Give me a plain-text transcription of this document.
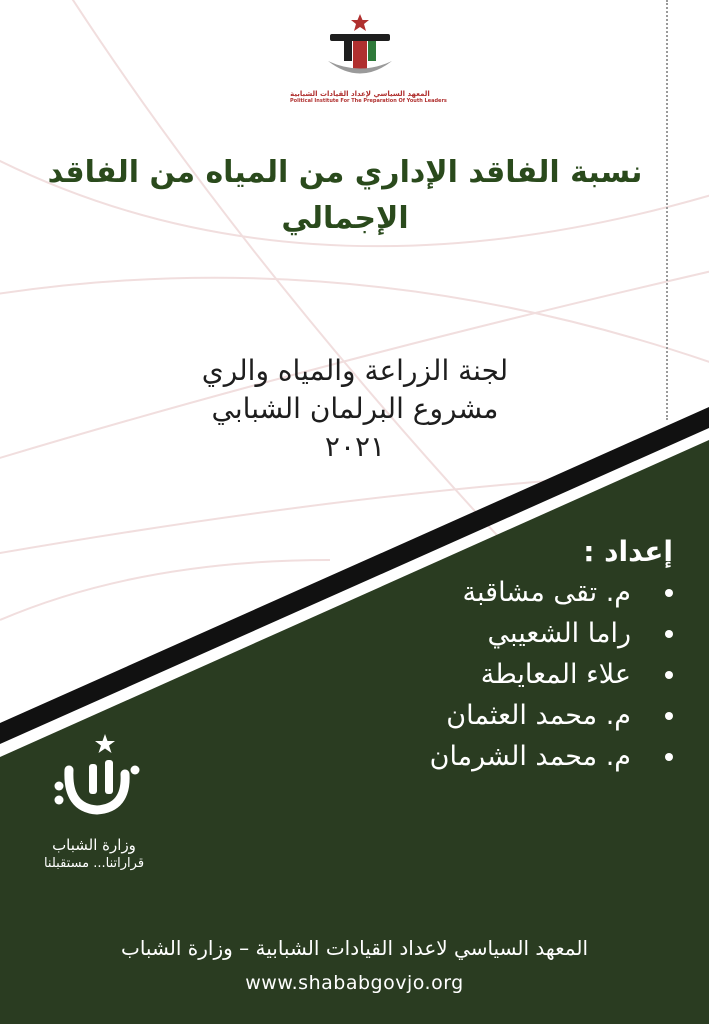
المعهد السياسي لإعداد القيادات الشبابية
Political Institute For The Preparation Of Youth Leaders
نسبة الفاقد الإداري من المياه من الفاقد الإجمالي
لجنة الزراعة والمياه والري
مشروع البرلمان الشبابي
٢٠٢١
إعداد :
م. تقى مشاقبة
راما الشعيبي
علاء المعايطة
م. محمد العثمان
م. محمد الشرمان
وزارة الشباب
قراراتنا... مستقبلنا
المعهد السياسي لاعداد القيادات الشبابية – وزارة الشباب
www.shababgovjo.org
